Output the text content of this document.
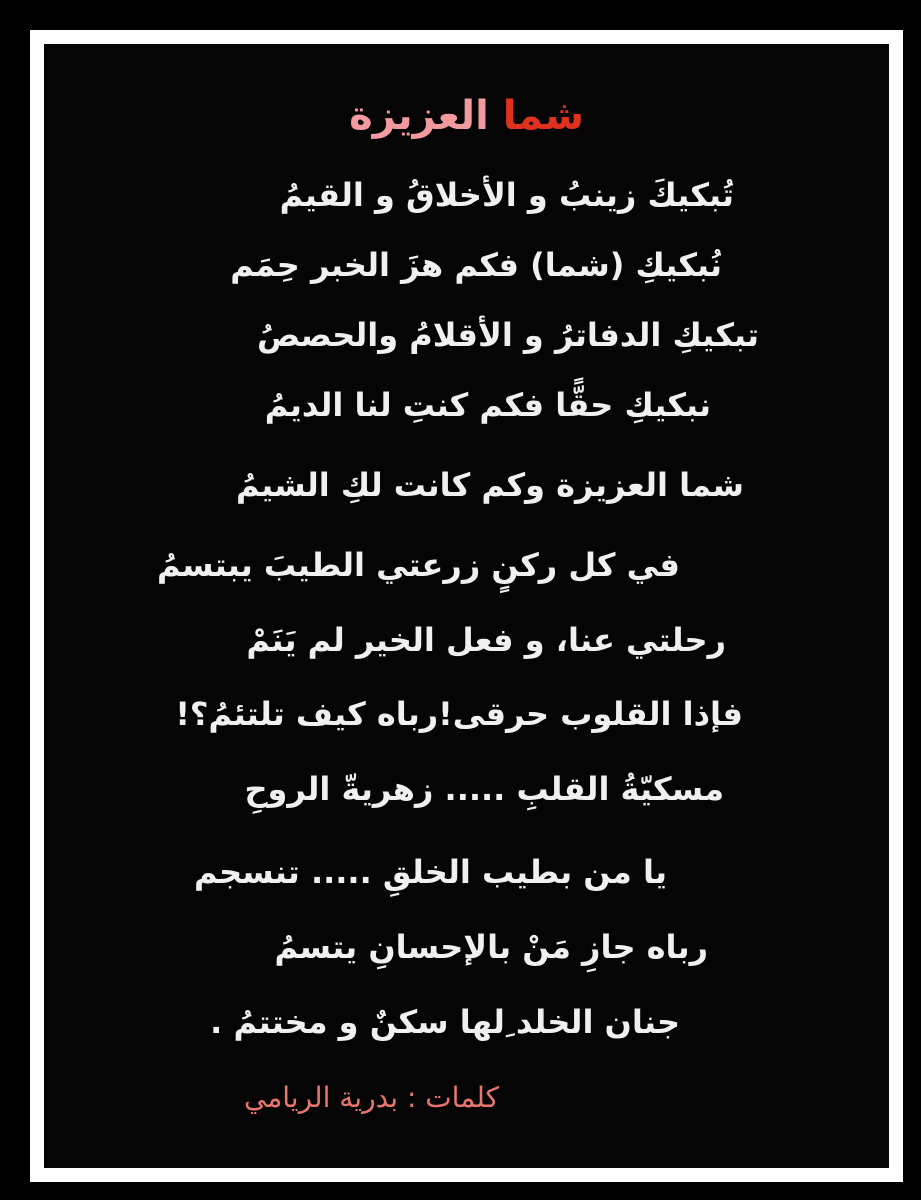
شما العزيزة
تُبكيكَ زينبُ و الأخلاقُ و القيمُ
نُبكيكِ (شما) فكم هزَ الخبر حِمَم
تبكيكِ الدفاترُ و الأقلامُ والحصصُ
نبكيكِ حقًّا فكم كنتِ لنا الديمُ
شما العزيزة وكم كانت لكِ الشيمُ
في كل ركنٍ زرعتي الطيبَ يبتسمُ
رحلتي عنا، و فعل الخير لم يَنَمْ
فإذا القلوب حرقى!رباه كيف تلتئمُ؟!
مسكيّةُ القلبِ ..... زهريةّ الروحِ
يا من بطيب الخلقِ ..... تنسجم
رباه جازِ مَنْ بالإحسانِ يتسمُ
جنان الخلد ِلها سكنٌ و مختتمُ .
كلمات : بدرية الريامي
